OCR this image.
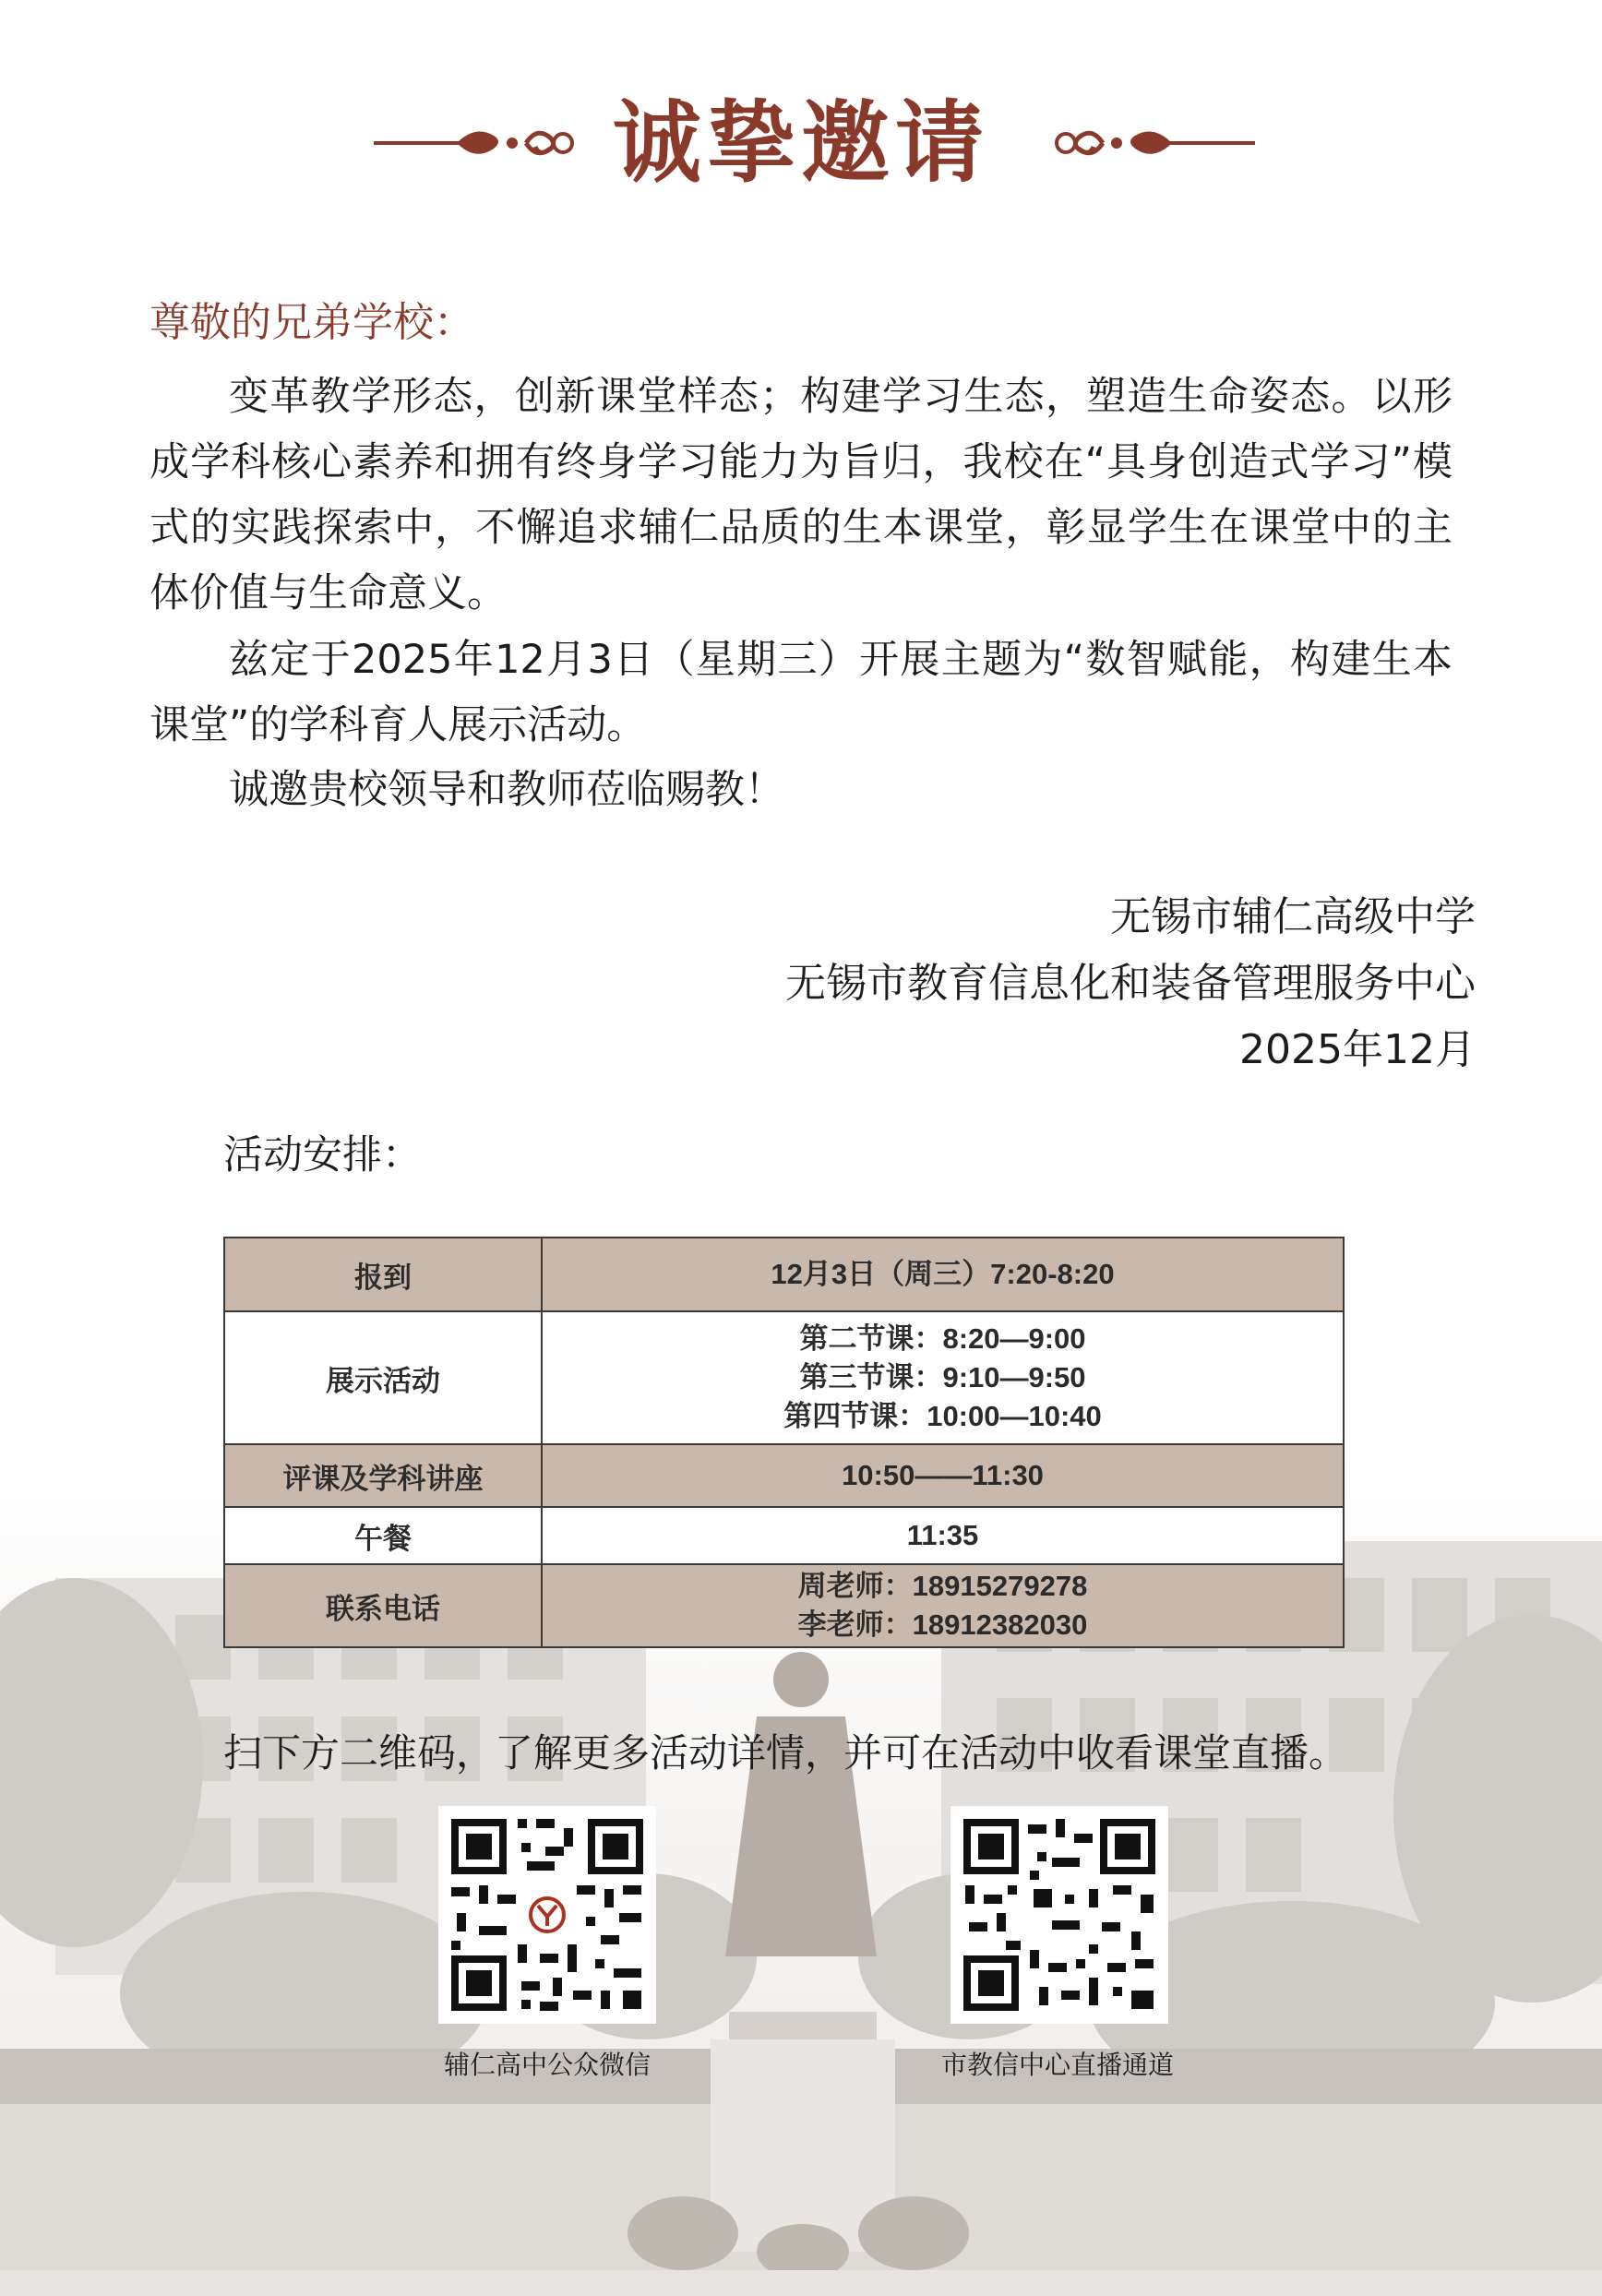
诚挚邀请
尊敬的兄弟学校：

变革教学形态，创新课堂样态；构建学习生态，塑造生命姿态。以形成学科核心素养和拥有终身学习能力为旨归，我校在“具身创造式学习”模式的实践探索中，不懈追求辅仁品质的生本课堂，彰显学生在课堂中的主体价值与生命意义。

兹定于2025年12月3日（星期三）开展主题为“数智赋能，构建生本课堂”的学科育人展示活动。

诚邀贵校领导和教师莅临赐教！

无锡市辅仁高级中学
无锡市教育信息化和装备管理服务中心
2025年12月
活动安排：
报到	12月3日（周三）7:20-8:20

展示活动	第二节课：8:20—9:00
第三节课：9:10—9:50
第四节课：10:00—10:40

评课及学科讲座	10:50——11:30

午餐	11:35

联系电话	周老师：18915279278
李老师：18912382030
扫下方二维码，了解更多活动详情，并可在活动中收看课堂直播。
辅仁高中公众微信	市教信中心直播通道
